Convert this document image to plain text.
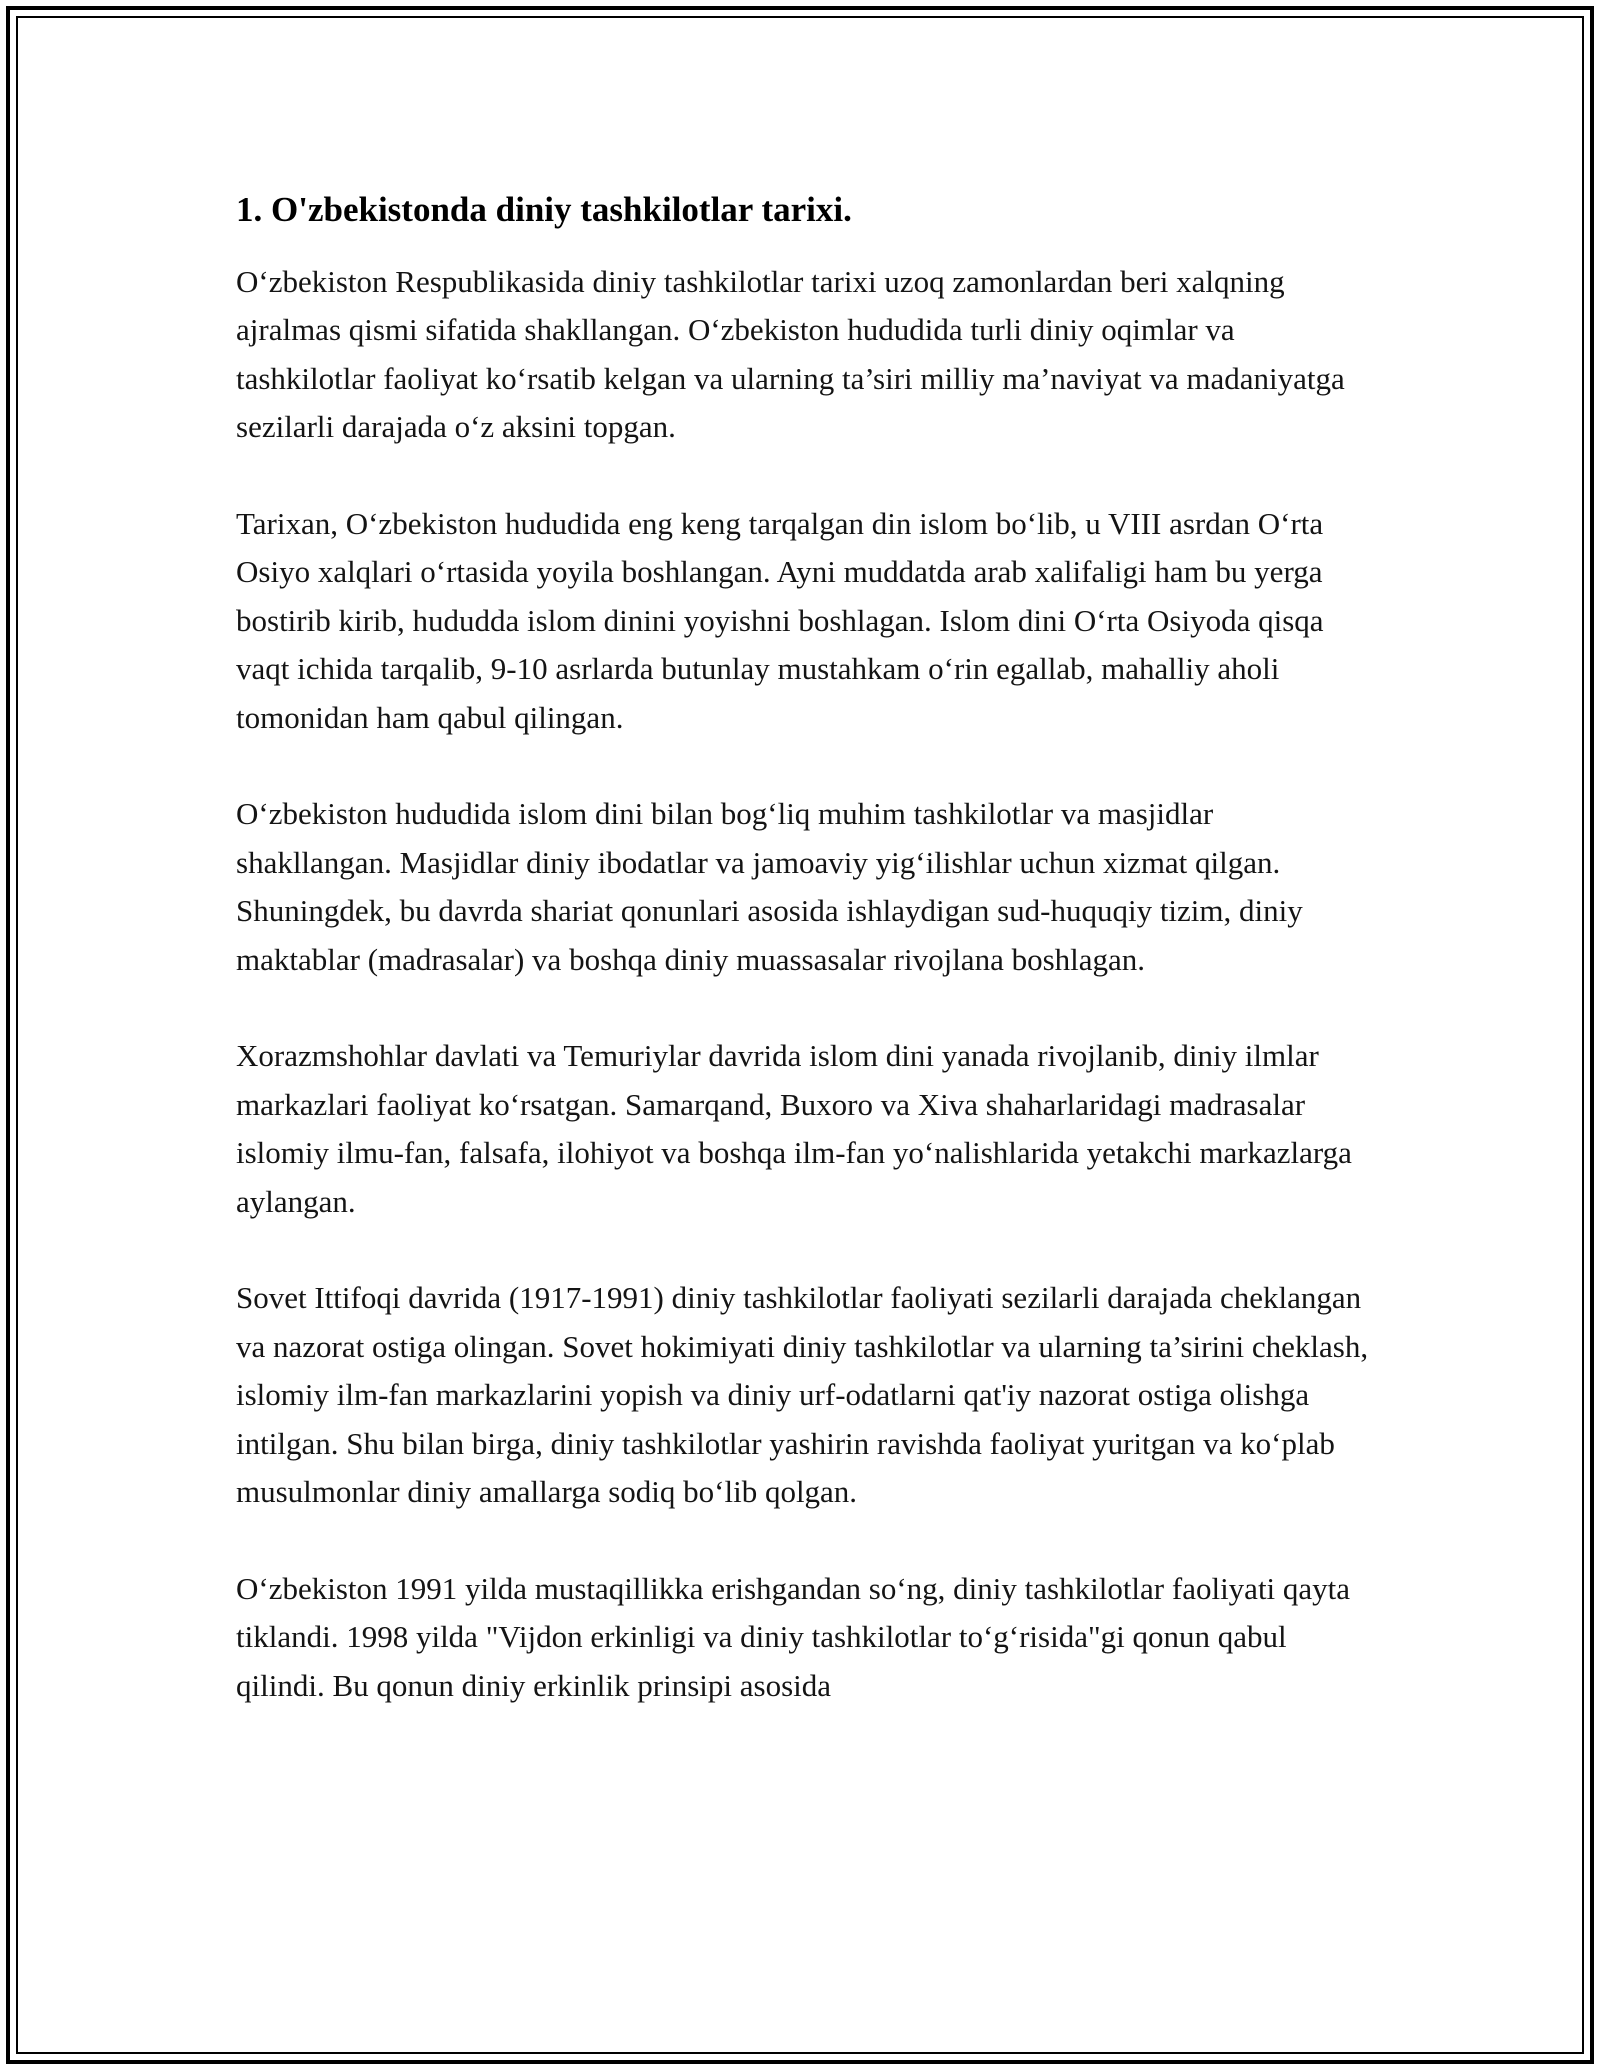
1. O'zbekistonda diniy tashkilotlar tarixi.

O‘zbekiston Respublikasida diniy tashkilotlar tarixi uzoq zamonlardan beri xalqning ajralmas qismi sifatida shakllangan. O‘zbekiston hududida turli diniy oqimlar va tashkilotlar faoliyat ko‘rsatib kelgan va ularning ta’siri milliy ma’naviyat va madaniyatga sezilarli darajada o‘z aksini topgan.

Tarixan, O‘zbekiston hududida eng keng tarqalgan din islom bo‘lib, u VIII asrdan O‘rta Osiyo xalqlari o‘rtasida yoyila boshlangan. Ayni muddatda arab xalifaligi ham bu yerga bostirib kirib, hududda islom dinini yoyishni boshlagan. Islom dini O‘rta Osiyoda qisqa vaqt ichida tarqalib, 9-10 asrlarda butunlay mustahkam o‘rin egallab, mahalliy aholi tomonidan ham qabul qilingan.

O‘zbekiston hududida islom dini bilan bog‘liq muhim tashkilotlar va masjidlar shakllangan. Masjidlar diniy ibodatlar va jamoaviy yig‘ilishlar uchun xizmat qilgan. Shuningdek, bu davrda shariat qonunlari asosida ishlaydigan sud-huquqiy tizim, diniy maktablar (madrasalar) va boshqa diniy muassasalar rivojlana boshlagan.

Xorazmshohlar davlati va Temuriylar davrida islom dini yanada rivojlanib, diniy ilmlar markazlari faoliyat ko‘rsatgan. Samarqand, Buxoro va Xiva shaharlaridagi madrasalar islomiy ilmu-fan, falsafa, ilohiyot va boshqa ilm-fan yo‘nalishlarida yetakchi markazlarga aylangan.

Sovet Ittifoqi davrida (1917-1991) diniy tashkilotlar faoliyati sezilarli darajada cheklangan va nazorat ostiga olingan. Sovet hokimiyati diniy tashkilotlar va ularning ta’sirini cheklash, islomiy ilm-fan markazlarini yopish va diniy urf-odatlarni qat'iy nazorat ostiga olishga intilgan. Shu bilan birga, diniy tashkilotlar yashirin ravishda faoliyat yuritgan va ko‘plab musulmonlar diniy amallarga sodiq bo‘lib qolgan.

O‘zbekiston 1991 yilda mustaqillikka erishgandan so‘ng, diniy tashkilotlar faoliyati qayta tiklandi. 1998 yilda "Vijdon erkinligi va diniy tashkilotlar to‘g‘risida"gi qonun qabul qilindi. Bu qonun diniy erkinlik prinsipi asosida
